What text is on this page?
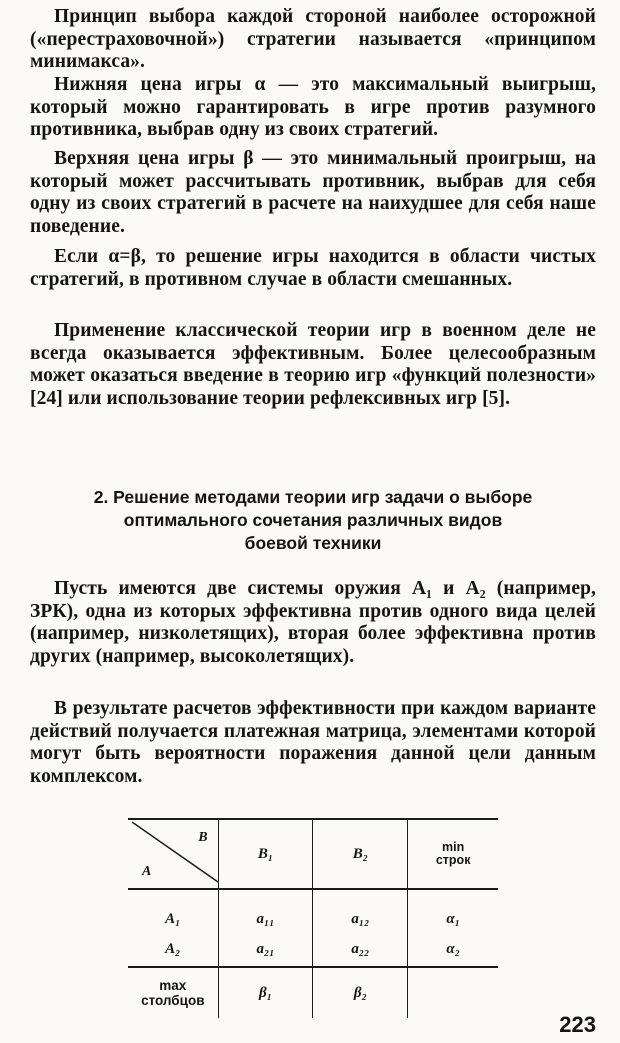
Принцип выбора каждой стороной наиболее осторожной («перестраховочной») стратегии называется «принципом минимакса».

Нижняя цена игры α — это максимальный выигрыш, который можно гарантировать в игре против разумного противника, выбрав одну из своих стратегий.

Верхняя цена игры β — это минимальный проигрыш, на который может рассчитывать противник, выбрав для себя одну из своих стратегий в расчете на наихудшее для себя наше поведение.

Если α=β, то решение игры находится в области чистых стратегий, в противном случае в области смешанных.

Применение классической теории игр в военном деле не всегда оказывается эффективным. Более целесообразным может оказаться введение в теорию игр «функций полезности» [24] или использование теории рефлексивных игр [5].

2. Решение методами теории игр задачи о выборе
оптимального сочетания различных видов
боевой техники

Пусть имеются две системы оружия A₁ и A₂ (например, ЗРК), одна из которых эффективна против одного вида целей (например, низколетящих), вторая более эффективна против других (например, высоколетящих).

В результате расчетов эффективности при каждом варианте действий получается платежная матрица, элементами которой могут быть вероятности поражения данной цели данным комплексом.

B
A	B₁	B₂	min
строк

A₁	a₁₁	a₁₂	α₁
A₂	a₂₁	a₂₂	α₂

max
столбцов	β₁	β₂	
223
